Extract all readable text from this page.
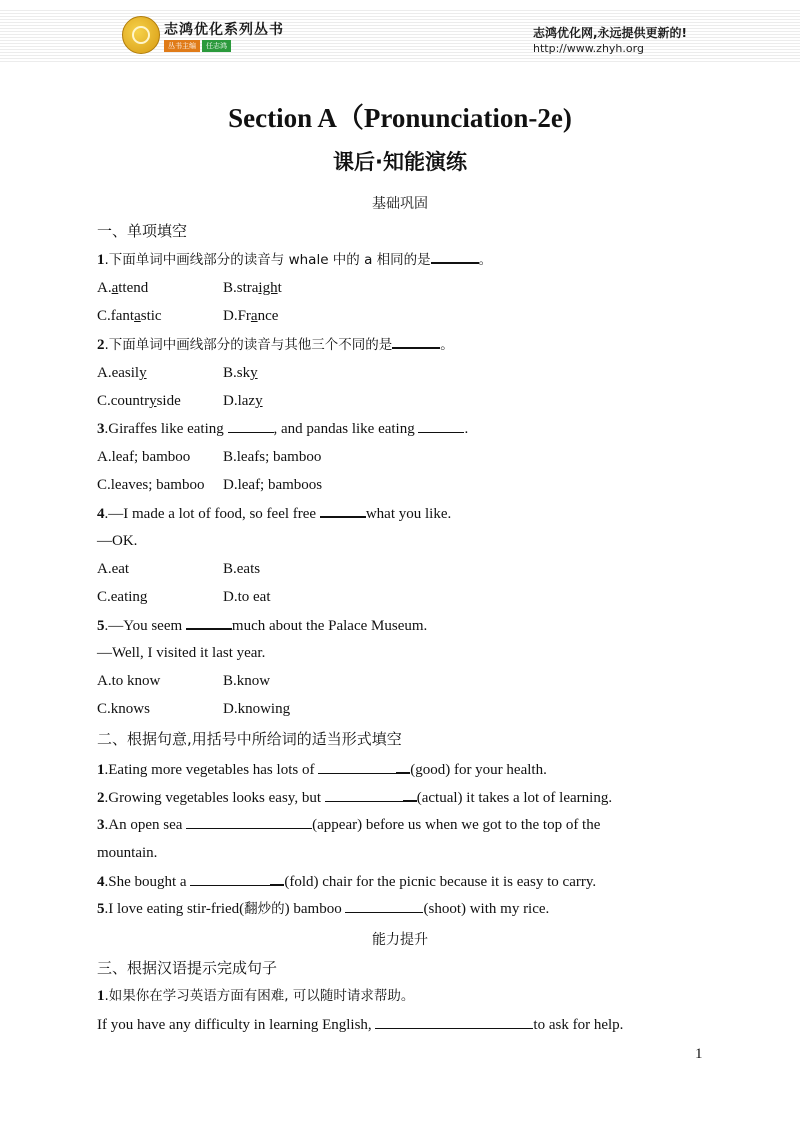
志鸿优化系列丛书
丛书主编 任志鸿
志鸿优化网,永远提供更新的!
http://www.zhyh.org
Section A（Pronunciation-2e)
课后·知能演练
基础巩固
一、单项填空
1.下面单词中画线部分的读音与 whale 中的 a 相同的是	。
A.attend	B.straight
C.fantastic	D.France
2.下面单词中画线部分的读音与其他三个不同的是	。
A.easily	B.sky
C.countryside	D.lazy
3.Giraffes like eating	, and pandas like eating	.
A.leaf; bamboo B.leafs; bamboo
C.leaves; bamboo D.leaf; bamboos
4.—I made a lot of food, so feel free	what you like.
—OK.
A.eat	B.eats
C.eating	D.to eat
5.—You seem	much about the Palace Museum.
—Well, I visited it last year.
A.to know	B.know
C.knows	D.knowing
二、根据句意,用括号中所给词的适当形式填空
1.Eating more vegetables has lots of	(good) for your health.
2.Growing vegetables looks easy, but	(actual) it takes a lot of learning.
3.An open sea	(appear) before us when we got to the top of the
mountain.
4.She bought a	(fold) chair for the picnic because it is easy to carry.
5.I love eating stir-fried(翻炒的) bamboo	(shoot) with my rice.
能力提升
三、根据汉语提示完成句子
1.如果你在学习英语方面有困难, 可以随时请求帮助。
If you have any difficulty in learning English,	to ask for help.
1
